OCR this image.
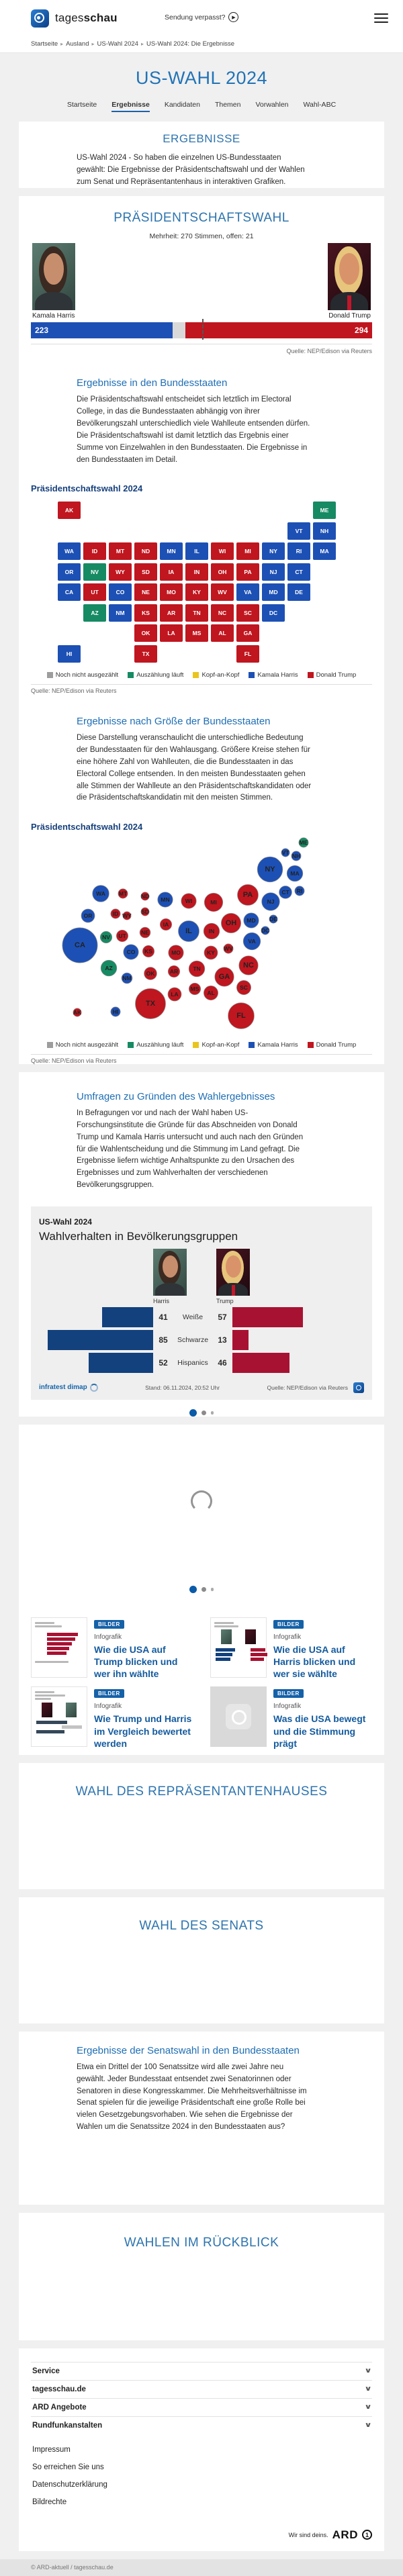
tagesschau	Sendung verpasst?	▶
Startseite ▸ Ausland ▸ US-Wahl 2024 ▸ US-Wahl 2024: Die Ergebnisse
US-WAHL 2024
Startseite Ergebnisse Kandidaten Themen Vorwahlen Wahl-ABC
ERGEBNISSE
US-Wahl 2024 - So haben die einzelnen US-Bundesstaaten gewählt: Die Ergebnisse der Präsidentschaftswahl und der Wahlen zum Senat und Repräsentantenhaus in interaktiven Grafiken.
PRÄSIDENTSCHAFTSWAHL
Mehrheit: 270 Stimmen, offen: 21
Kamala Harris	Donald Trump
223	294
Quelle: NEP/Edison via Reuters
Ergebnisse in den Bundesstaaten
Die Präsidentschaftswahl entscheidet sich letztlich im Electoral College, in das die Bundesstaaten abhängig von ihrer Bevölkerungszahl unterschiedlich viele Wahlleute entsenden dürfen. Die Präsidentschaftswahl ist damit letztlich das Ergebnis einer Summe von Einzelwahlen in den Bundesstaaten. Die Ergebnisse in den Bundesstaaten im Detail.
Präsidentschaftswahl 2024
WA
OR
CA	CO
NM
MN	IL
VA
NY
VT	NH
MA
CT
RI
NJ
DE
MD
DC
HI
ME
NV
AZ
ID	MT
WY
ND
SD
NE
KS
UT
OK
TX
AK
IA
MO
AR
LA
WI	MI
IN	OH
KY
TN
MS	AL	GA
FL
SC
NC
WV
PA
Noch nicht ausgezählt	Auszählung läuft	Kopf-an-Kopf	Kamala Harris	Donald Trump
Quelle: NEP/Edison via Reuters
Ergebnisse nach Größe der Bundesstaaten
Diese Darstellung veranschaulicht die unterschiedliche Bedeutung der Bundesstaaten für den Wahlausgang. Größere Kreise stehen für eine höhere Zahl von Wahlleuten, die die Bundesstaaten in das Electoral College entsenden. In den meisten Bundesstaaten gehen alle Stimmen der Wahlleute an den Präsidentschaftskandidaten oder die Präsidentschaftskandidatin mit den meisten Stimmen.
Präsidentschaftswahl 2024
ME
VT NH
NY	MA
CT RI
PA
NJ
WA MT ND MN	WI	MI
OR	ID WY
SD
IA	OH MD DE
DC
IL	IN
NV UT	NE
CA	VA
WV
KY
CO KS	MO
AZ
NM
OK	AR	TN	NC
SC
GA
MS
AL
LA
TX
AK	HI	FL
Noch nicht ausgezählt	Auszählung läuft	Kopf-an-Kopf	Kamala Harris	Donald Trump
Quelle: NEP/Edison via Reuters
Umfragen zu Gründen des Wahlergebnisses
In Befragungen vor und nach der Wahl haben US-Forschungsinstitute die Gründe für das Abschneiden von Donald Trump und Kamala Harris untersucht und auch nach den Gründen für die Wahlentscheidung und die Stimmung im Land gefragt. Die Ergebnisse liefern wichtige Anhaltspunkte zu den Ursachen des Ergebnisses und zum Wahlverhalten der verschiedenen Bevölkerungsgruppen.
US-Wahl 2024
Wahlverhalten in Bevölkerungsgruppen
Harris	Trump
41	Weiße	57
85	Schwarze	13
52	Hispanics	46
infratest dimap	Stand: 06.11.2024, 20:52 Uhr	Quelle: NEP/Edison via Reuters
BILDER
Infografik
Wie die USA auf Trump blicken und wer ihn wählte
BILDER
Infografik
Wie die USA auf Harris blicken und wer sie wählte
BILDER
Infografik
Wie Trump und Harris im Vergleich bewertet werden
BILDER
Infografik
Was die USA bewegt und die Stimmung prägt
WAHL DES REPRÄSENTANTENHAUSES
WAHL DES SENATS
Ergebnisse der Senatswahl in den Bundesstaaten
Etwa ein Drittel der 100 Senatssitze wird alle zwei Jahre neu gewählt. Jeder Bundesstaat entsendet zwei Senatorinnen oder Senatoren in diese Kongresskammer. Die Mehrheitsverhältnisse im Senat spielen für die jeweilige Präsidentschaft eine große Rolle bei vielen Gesetzgebungsvorhaben. Wie sehen die Ergebnisse der Wahlen um die Senatssitze 2024 in den Bundesstaaten aus?
WAHLEN IM RÜCKBLICK
Service	∨
tagesschau.de	∨
ARD Angebote	∨
Rundfunkanstalten	∨
Impressum
So erreichen Sie uns
Datenschutzerklärung
Bildrechte
Wir sind deins. ARD	1
© ARD-aktuell / tagesschau.de
